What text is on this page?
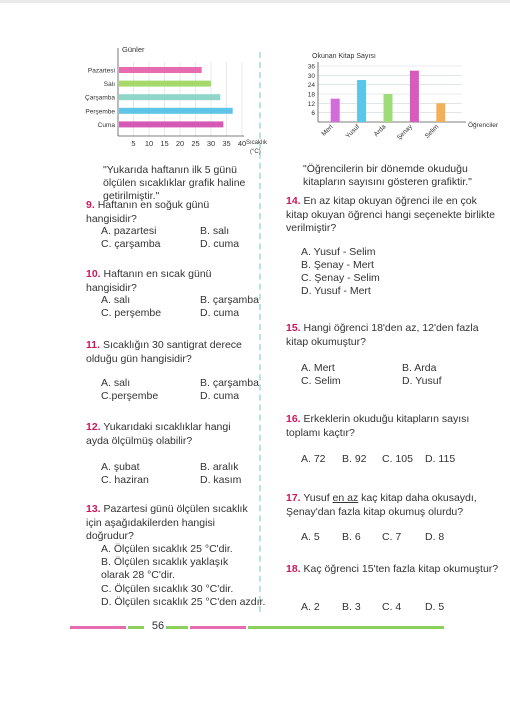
5 10 15 20 25 30 35 40
Günler
Sıcaklık
(°C)
Pazartesi
Salı
Çarşamba
Perşembe
Cuma
"Yukarıda haftanın ilk 5 günü ölçülen sıcaklıklar grafik haline getirilmiştir."
9. Haftanın en soğuk günü hangisidir?
A. pazartesi	B. salı
C. çarşamba	D. cuma
10. Haftanın en sıcak günü hangisidir?
A. salı	B. çarşamba
C. perşembe	D. cuma
11. Sıcaklığın 30 santigrat derece olduğu gün hangisidir?
A. salı	B. çarşamba
C.perşembe	D. cuma
12. Yukarıdaki sıcaklıklar hangi ayda ölçülmüş olabilir?
A. şubat	B. aralık
C. haziran	D. kasım
13. Pazartesi günü ölçülen sıcaklık için aşağıdakilerden hangisi doğrudur?
A. Ölçülen sıcaklık 25 °C'dir.
B. Ölçülen sıcaklık yaklaşık olarak 28 °C'dir.
C. Ölçülen sıcaklık 30 °C'dir.
D. Ölçülen sıcaklık 25 °C'den azdır.
Okunan Kitap Sayısı
6
12
18
24
30
36
Mert Yusuf Arda Şenay Selim	Öğrenciler
"Öğrencilerin bir dönemde okuduğu kitapların sayısını gösteren grafiktir."
14. En az kitap okuyan öğrenci ile en çok kitap okuyan öğrenci hangi seçenekte birlikte verilmiştir?
A. Yusuf - Selim
B. Şenay - Mert
C. Şenay - Selim
D. Yusuf - Mert
15. Hangi öğrenci 18'den az, 12'den fazla kitap okumuştur?
A. Mert	B. Arda
C. Selim	D. Yusuf
16. Erkeklerin okuduğu kitapların sayısı toplamı kaçtır?
A. 72 B. 92 C. 105 D. 115
17. Yusuf en az kaç kitap daha okusaydı, Şenay'dan fazla kitap okumuş olurdu?
A. 5 B. 6 C. 7 D. 8
18. Kaç öğrenci 15'ten fazla kitap okumuştur?
A. 2 B. 3 C. 4 D. 5
56
